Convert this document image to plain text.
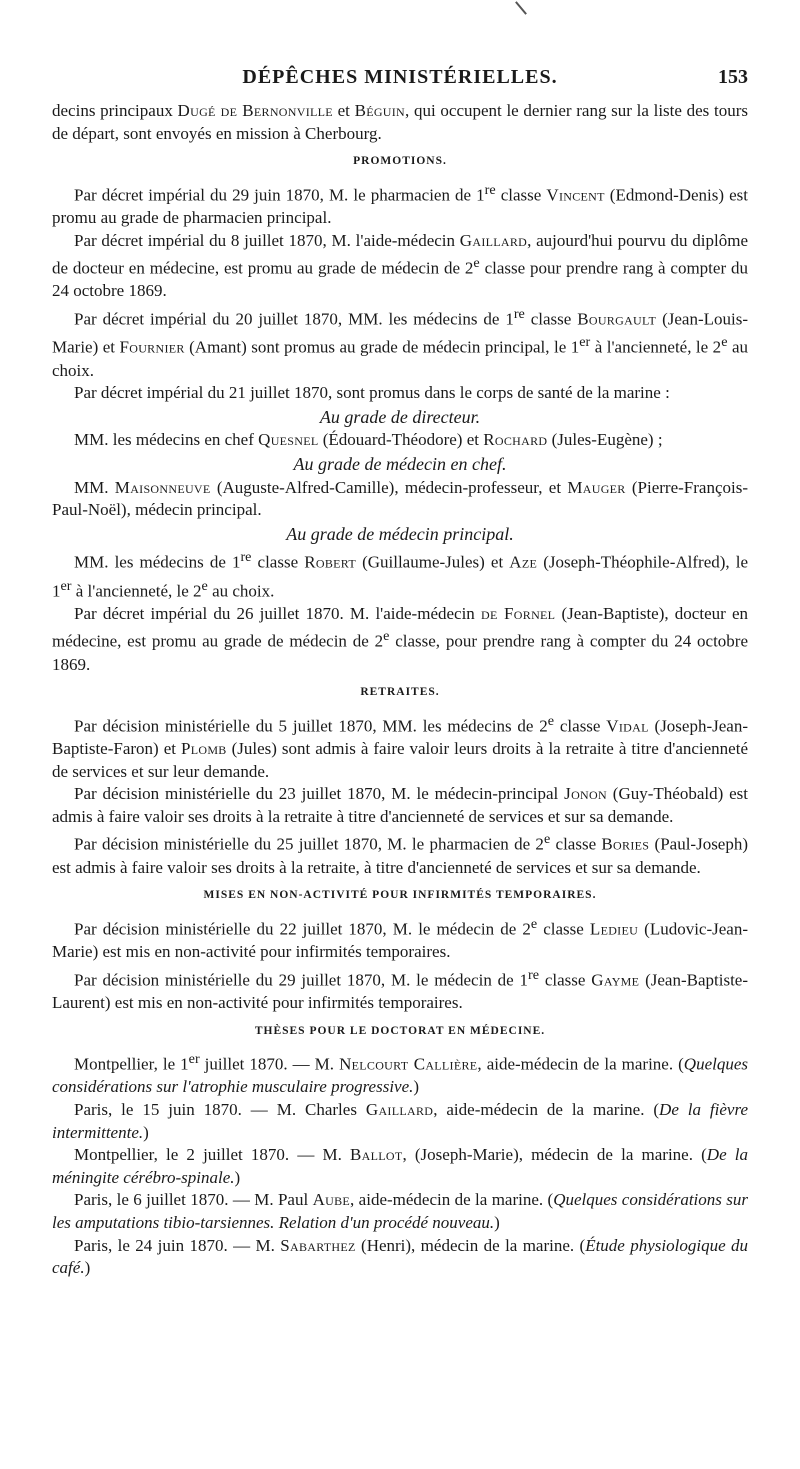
DÉPÊCHES MINISTÉRIELLES.	153

decins principaux Dugé de Bernonville et Béguin, qui occupent le dernier rang sur la liste des tours de départ, sont envoyés en mission à Cherbourg.

PROMOTIONS.

Par décret impérial du 29 juin 1870, M. le pharmacien de 1re classe Vincent (Edmond-Denis) est promu au grade de pharmacien principal.

Par décret impérial du 8 juillet 1870, M. l'aide-médecin Gaillard, aujourd'hui pourvu du diplôme de docteur en médecine, est promu au grade de médecin de 2e classe pour prendre rang à compter du 24 octobre 1869.

Par décret impérial du 20 juillet 1870, MM. les médecins de 1re classe Bourgault (Jean-Louis-Marie) et Fournier (Amant) sont promus au grade de médecin principal, le 1er à l'ancienneté, le 2e au choix.

Par décret impérial du 21 juillet 1870, sont promus dans le corps de santé de la marine :

Au grade de directeur.

MM. les médecins en chef Quesnel (Édouard-Théodore) et Rochard (Jules-Eugène) ;

Au grade de médecin en chef.

MM. Maisonneuve (Auguste-Alfred-Camille), médecin-professeur, et Mauger (Pierre-François-Paul-Noël), médecin principal.

Au grade de médecin principal.

MM. les médecins de 1re classe Robert (Guillaume-Jules) et Aze (Joseph-Théophile-Alfred), le 1er à l'ancienneté, le 2e au choix.

Par décret impérial du 26 juillet 1870. M. l'aide-médecin de Fornel (Jean-Baptiste), docteur en médecine, est promu au grade de médecin de 2e classe, pour prendre rang à compter du 24 octobre 1869.

RETRAITES.

Par décision ministérielle du 5 juillet 1870, MM. les médecins de 2e classe Vidal (Joseph-Jean-Baptiste-Faron) et Plomb (Jules) sont admis à faire valoir leurs droits à la retraite à titre d'ancienneté de services et sur leur demande.

Par décision ministérielle du 23 juillet 1870, M. le médecin-principal Jonon (Guy-Théobald) est admis à faire valoir ses droits à la retraite à titre d'ancienneté de services et sur sa demande.

Par décision ministérielle du 25 juillet 1870, M. le pharmacien de 2e classe Bories (Paul-Joseph) est admis à faire valoir ses droits à la retraite, à titre d'ancienneté de services et sur sa demande.

MISES EN NON-ACTIVITÉ POUR INFIRMITÉS TEMPORAIRES.

Par décision ministérielle du 22 juillet 1870, M. le médecin de 2e classe Ledieu (Ludovic-Jean-Marie) est mis en non-activité pour infirmités temporaires.

Par décision ministérielle du 29 juillet 1870, M. le médecin de 1re classe Gayme (Jean-Baptiste-Laurent) est mis en non-activité pour infirmités temporaires.

THÈSES POUR LE DOCTORAT EN MÉDECINE.

Montpellier, le 1er juillet 1870. — M. Nelcourt Callière, aide-médecin de la marine. (Quelques considérations sur l'atrophie musculaire progressive.)

Paris, le 15 juin 1870. — M. Charles Gaillard, aide-médecin de la marine. (De la fièvre intermittente.)

Montpellier, le 2 juillet 1870. — M. Ballot, (Joseph-Marie), médecin de la marine. (De la méningite cérébro-spinale.)

Paris, le 6 juillet 1870. — M. Paul Aube, aide-médecin de la marine. (Quelques considérations sur les amputations tibio-tarsiennes. Relation d'un procédé nouveau.)

Paris, le 24 juin 1870. — M. Sabarthez (Henri), médecin de la marine. (Étude physiologique du café.)
